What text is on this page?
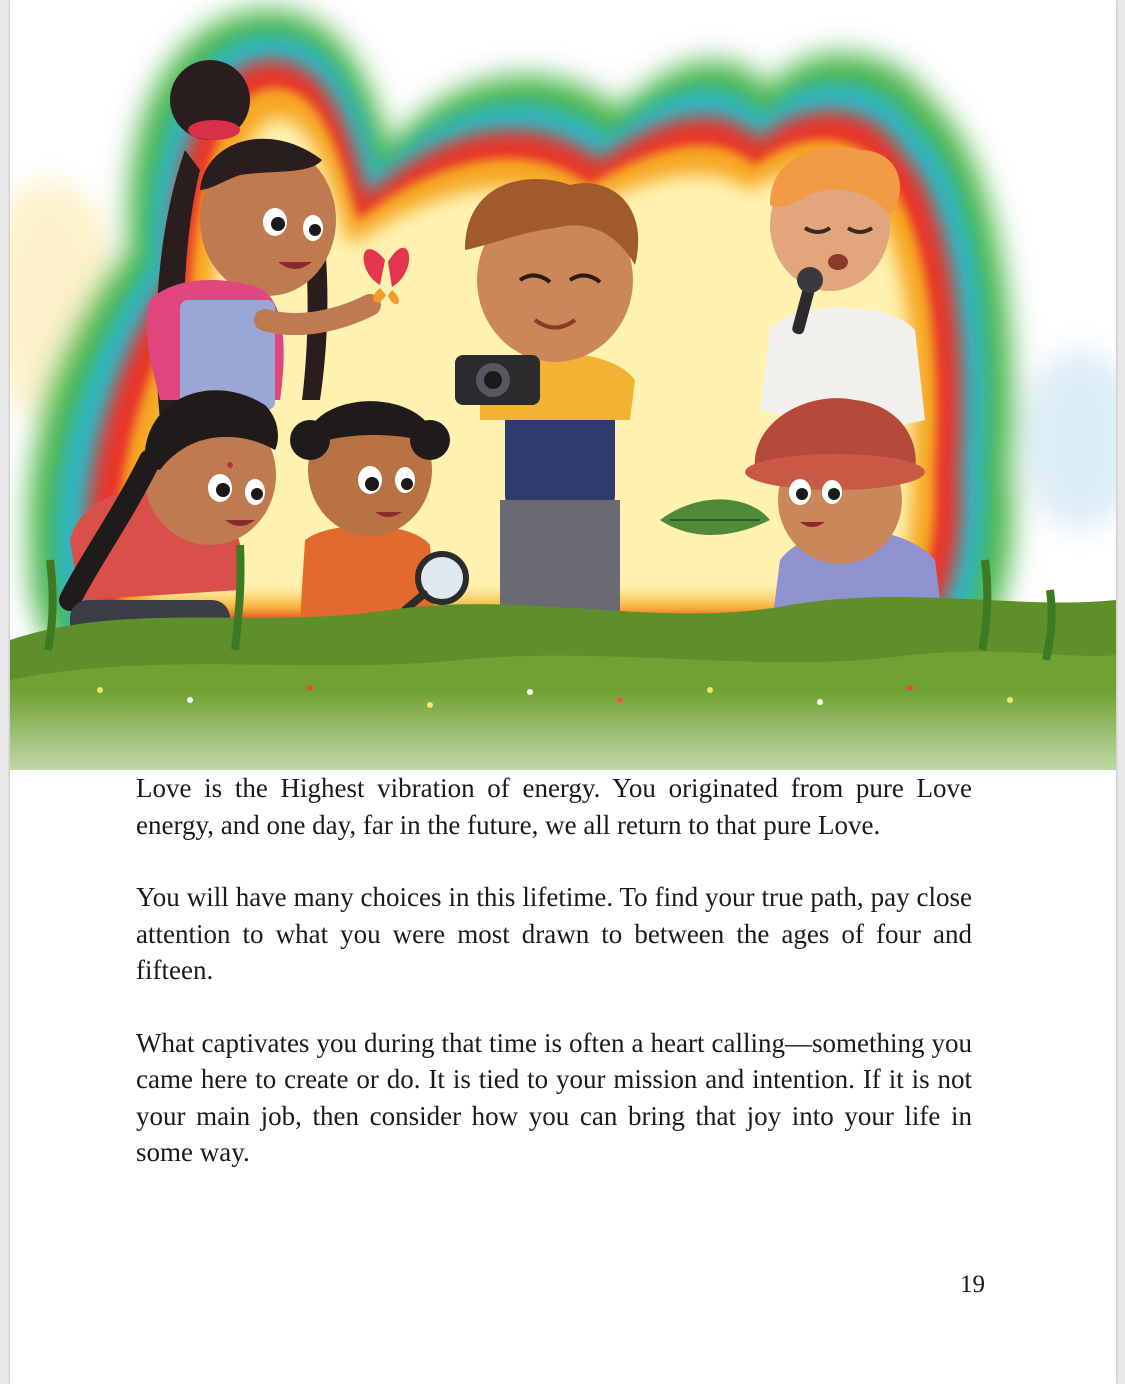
Love is the Highest vibration of energy. You originated from pure Love energy, and one day, far in the future, we all return to that pure Love.

You will have many choices in this lifetime. To find your true path, pay close attention to what you were most drawn to between the ages of four and fifteen.

What captivates you during that time is often a heart calling—something you came here to create or do. It is tied to your mission and intention. If it is not your main job, then consider how you can bring that joy into your life in some way.

19
